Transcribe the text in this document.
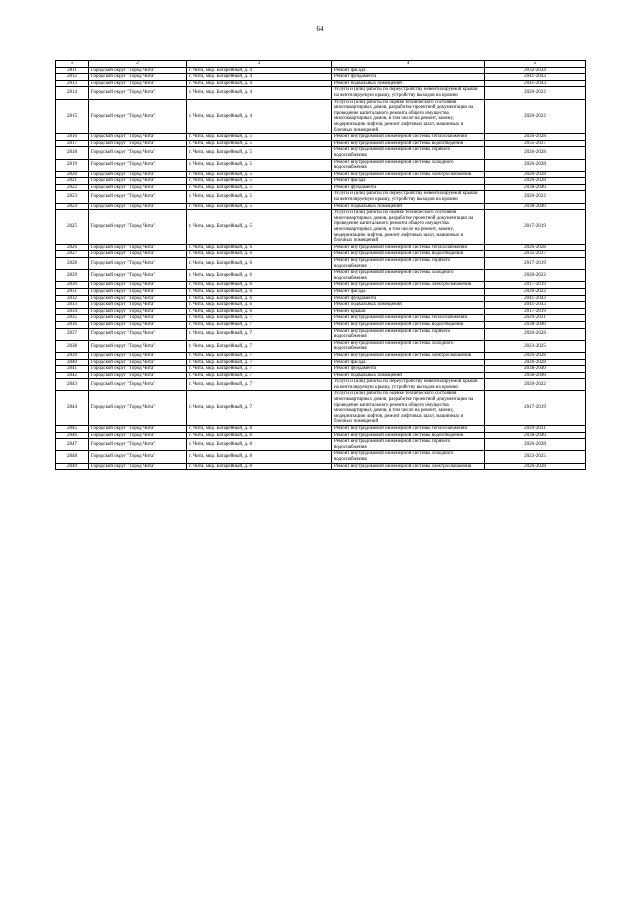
64
1	2	3	4	5
2811	Городской округ "Город Чита"	г. Чита, мкр. Батарейный, д. 4	Ремонт фасада	2032-2034
2812	Городской округ "Город Чита"	г. Чита, мкр. Батарейный, д. 4	Ремонт фундамента	2041-2043
2813	Городской округ "Город Чита"	г. Чита, мкр. Батарейный, д. 4	Ремонт подвальных помещений	2041-2043
2814	Городской округ "Город Чита"	г. Чита, мкр. Батарейный, д. 4	Услуги и (или) работы по переустройству невентилируемой крыши на вентилируемую крышу, устройству выходов на кровлю	2020-2022
2815	Городской округ "Город Чита"	г. Чита, мкр. Батарейный, д. 4	Услуги и (или) работы по оценке технического состояния многоквартирных домов, разработке проектной документации на проведение капитального ремонта общего имущества многоквартирных домов, в том числе на ремонт, замену, модернизацию лифтов, ремонт лифтовых шахт, машинных и блочных помещений	2020-2022
2816	Городской округ "Город Чита"	г. Чита, мкр. Батарейный, д. 5	Ремонт внутридомовой инженерной системы теплоснабжения	2026-2028
2817	Городской округ "Город Чита"	г. Чита, мкр. Батарейный, д. 5	Ремонт внутридомовой инженерной системы водоотведения	2035-2037
2818	Городской округ "Город Чита"	г. Чита, мкр. Батарейный, д. 5	Ремонт внутридомовой инженерной системы горячего водоснабжения	2026-2028
2819	Городской округ "Город Чита"	г. Чита, мкр. Батарейный, д. 5	Ремонт внутридомовой инженерной системы холодного водоснабжения	2026-2028
2820	Городской округ "Город Чита"	г. Чита, мкр. Батарейный, д. 5	Ремонт внутридомовой инженерной системы электроснабжения	2026-2028
2821	Городской округ "Город Чита"	г. Чита, мкр. Батарейный, д. 5	Ремонт фасада	2026-2028
2822	Городской округ "Город Чита"	г. Чита, мкр. Батарейный, д. 5	Ремонт фундамента	2038-2040
2823	Городской округ "Город Чита"	г. Чита, мкр. Батарейный, д. 5	Услуги и (или) работы по переустройству невентилируемой крыши на вентилируемую крышу, устройству выходов на кровлю	2020-2022
2824	Городской округ "Город Чита"	г. Чита, мкр. Батарейный, д. 5	Ремонт подвальных помещений	2038-2040
2825	Городской округ "Город Чита"	г. Чита, мкр. Батарейный, д. 5	Услуги и (или) работы по оценке технического состояния многоквартирных домов, разработке проектной документации на проведение капитального ремонта общего имущества многоквартирных домов, в том числе на ремонт, замену, модернизацию лифтов, ремонт лифтовых шахт, машинных и блочных помещений	2017-2019
2826	Городской округ "Город Чита"	г. Чита, мкр. Батарейный, д. 6	Ремонт внутридомовой инженерной системы теплоснабжения	2026-2028
2827	Городской округ "Город Чита"	г. Чита, мкр. Батарейный, д. 6	Ремонт внутридомовой инженерной системы водоотведения	2035-2037
2828	Городской округ "Город Чита"	г. Чита, мкр. Батарейный, д. 6	Ремонт внутридомовой инженерной системы горячего водоснабжения	2017-2019
2829	Городской округ "Город Чита"	г. Чита, мкр. Батарейный, д. 6	Ремонт внутридомовой инженерной системы холодного водоснабжения	2020-2022
2830	Городской округ "Город Чита"	г. Чита, мкр. Батарейный, д. 6	Ремонт внутридомовой инженерной системы электроснабжения	2017-2019
2831	Городской округ "Город Чита"	г. Чита, мкр. Батарейный, д. 6	Ремонт фасада	2020-2022
2832	Городской округ "Город Чита"	г. Чита, мкр. Батарейный, д. 6	Ремонт фундамента	2041-2043
2833	Городской округ "Город Чита"	г. Чита, мкр. Батарейный, д. 6	Ремонт подвальных помещений	2041-2043
2834	Городской округ "Город Чита"	г. Чита, мкр. Батарейный, д. 6	Ремонт крыши	2017-2019
2835	Городской округ "Город Чита"	г. Чита, мкр. Батарейный, д. 7	Ремонт внутридомовой инженерной системы теплоснабжения	2029-2031
2836	Городской округ "Город Чита"	г. Чита, мкр. Батарейный, д. 7	Ремонт внутридомовой инженерной системы водоотведения	2038-2040
2837	Городской округ "Город Чита"	г. Чита, мкр. Батарейный, д. 7	Ремонт внутридомовой инженерной системы горячего водоснабжения	2026-2028
2838	Городской округ "Город Чита"	г. Чита, мкр. Батарейный, д. 7	Ремонт внутридомовой инженерной системы холодного водоснабжения	2023-2025
2839	Городской округ "Город Чита"	г. Чита, мкр. Батарейный, д. 7	Ремонт внутридомовой инженерной системы электроснабжения	2026-2028
2840	Городской округ "Город Чита"	г. Чита, мкр. Батарейный, д. 7	Ремонт фасада	2026-2028
2841	Городской округ "Город Чита"	г. Чита, мкр. Батарейный, д. 7	Ремонт фундамента	2038-2040
2842	Городской округ "Город Чита"	г. Чита, мкр. Батарейный, д. 7	Ремонт подвальных помещений	2038-2040
2843	Городской округ "Город Чита"	г. Чита, мкр. Батарейный, д. 7	Услуги и (или) работы по переустройству невентилируемой крыши на вентилируемую крышу, устройству выходов на кровлю	2020-2022
2844	Городской округ "Город Чита"	г. Чита, мкр. Батарейный, д. 7	Услуги и (или) работы по оценке технического состояния многоквартирных домов, разработке проектной документации на проведение капитального ремонта общего имущества многоквартирных домов, в том числе на ремонт, замену, модернизацию лифтов, ремонт лифтовых шахт, машинных и блочных помещений	2017-2019
2845	Городской округ "Город Чита"	г. Чита, мкр. Батарейный, д. 8	Ремонт внутридомовой инженерной системы теплоснабжения	2029-2031
2846	Городской округ "Город Чита"	г. Чита, мкр. Батарейный, д. 8	Ремонт внутридомовой инженерной системы водоотведения	2038-2040
2847	Городской округ "Город Чита"	г. Чита, мкр. Батарейный, д. 8	Ремонт внутридомовой инженерной системы горячего водоснабжения	2026-2028
2848	Городской округ "Город Чита"	г. Чита, мкр. Батарейный, д. 8	Ремонт внутридомовой инженерной системы холодного водоснабжения	2023-2025
2849	Городской округ "Город Чита"	г. Чита, мкр. Батарейный, д. 8	Ремонт внутридомовой инженерной системы электроснабжения	2026-2028
